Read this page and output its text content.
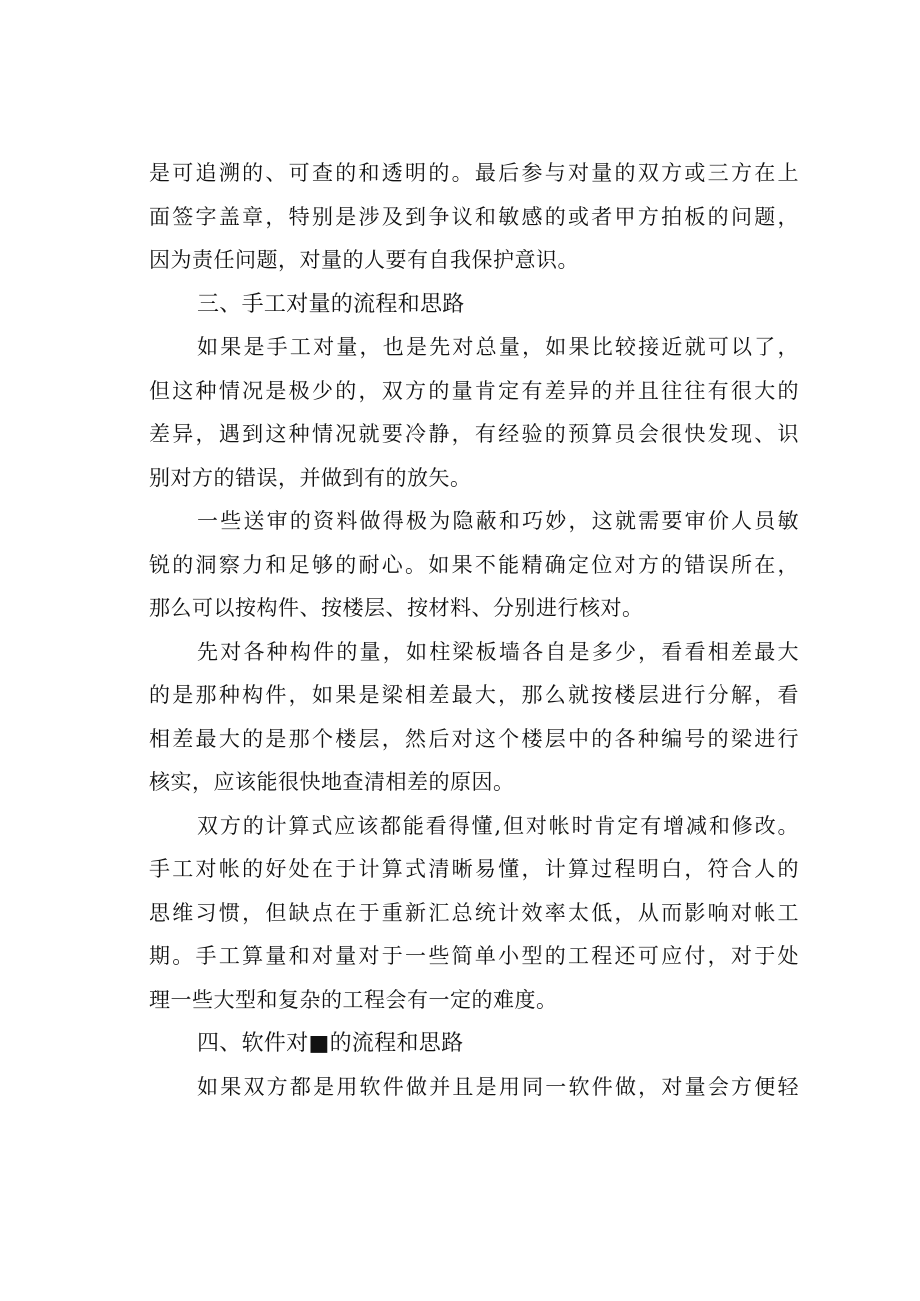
是可追溯的、可查的和透明的。最后参与对量的双方或三方在上
面签字盖章，特别是涉及到争议和敏感的或者甲方拍板的问题，
因为责任问题，对量的人要有自我保护意识。

三、手工对量的流程和思路

如果是手工对量，也是先对总量，如果比较接近就可以了，
但这种情况是极少的，双方的量肯定有差异的并且往往有很大的
差异，遇到这种情况就要冷静，有经验的预算员会很快发现、识
别对方的错误，并做到有的放矢。
一些送审的资料做得极为隐蔽和巧妙，这就需要审价人员敏
锐的洞察力和足够的耐心。如果不能精确定位对方的错误所在，
那么可以按构件、按楼层、按材料、分别进行核对。
先对各种构件的量，如柱梁板墙各自是多少，看看相差最大
的是那种构件，如果是梁相差最大，那么就按楼层进行分解，看
相差最大的是那个楼层，然后对这个楼层中的各种编号的梁进行
核实，应该能很快地查清相差的原因。
双方的计算式应该都能看得懂,但对帐时肯定有增减和修改。
手工对帐的好处在于计算式清晰易懂，计算过程明白，符合人的
思维习惯，但缺点在于重新汇总统计效率太低，从而影响对帐工
期。手工算量和对量对于一些简单小型的工程还可应付，对于处
理一些大型和复杂的工程会有一定的难度。

四、软件对■的流程和思路

如果双方都是用软件做并且是用同一软件做，对量会方便轻
